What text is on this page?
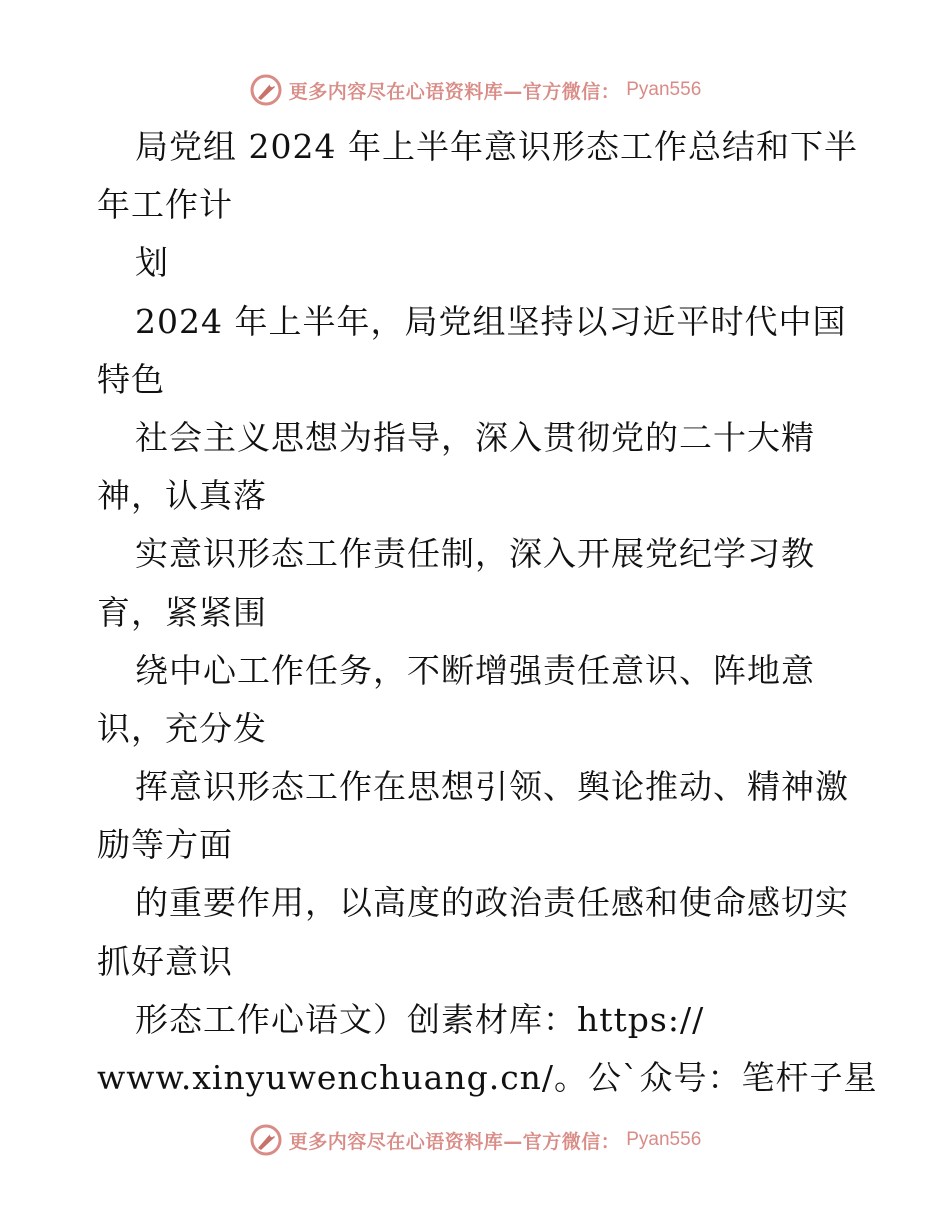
更多内容尽在心语资料库—官方微信： Pyan556
局党组 2024 年上半年意识形态工作总结和下半
年工作计
划
2024 年上半年，局党组坚持以习近平时代中国
特色
社会主义思想为指导，深入贯彻党的二十大精
神，认真落
实意识形态工作责任制，深入开展党纪学习教
育，紧紧围
绕中心工作任务，不断增强责任意识、阵地意
识，充分发
挥意识形态工作在思想引领、舆论推动、精神激
励等方面
的重要作用，以高度的政治责任感和使命感切实
抓好意识
形态工作心语文）创素材库：https://
www.xinyuwenchuang.cn/。公`众号：笔杆子星
更多内容尽在心语资料库—官方微信： Pyan556
